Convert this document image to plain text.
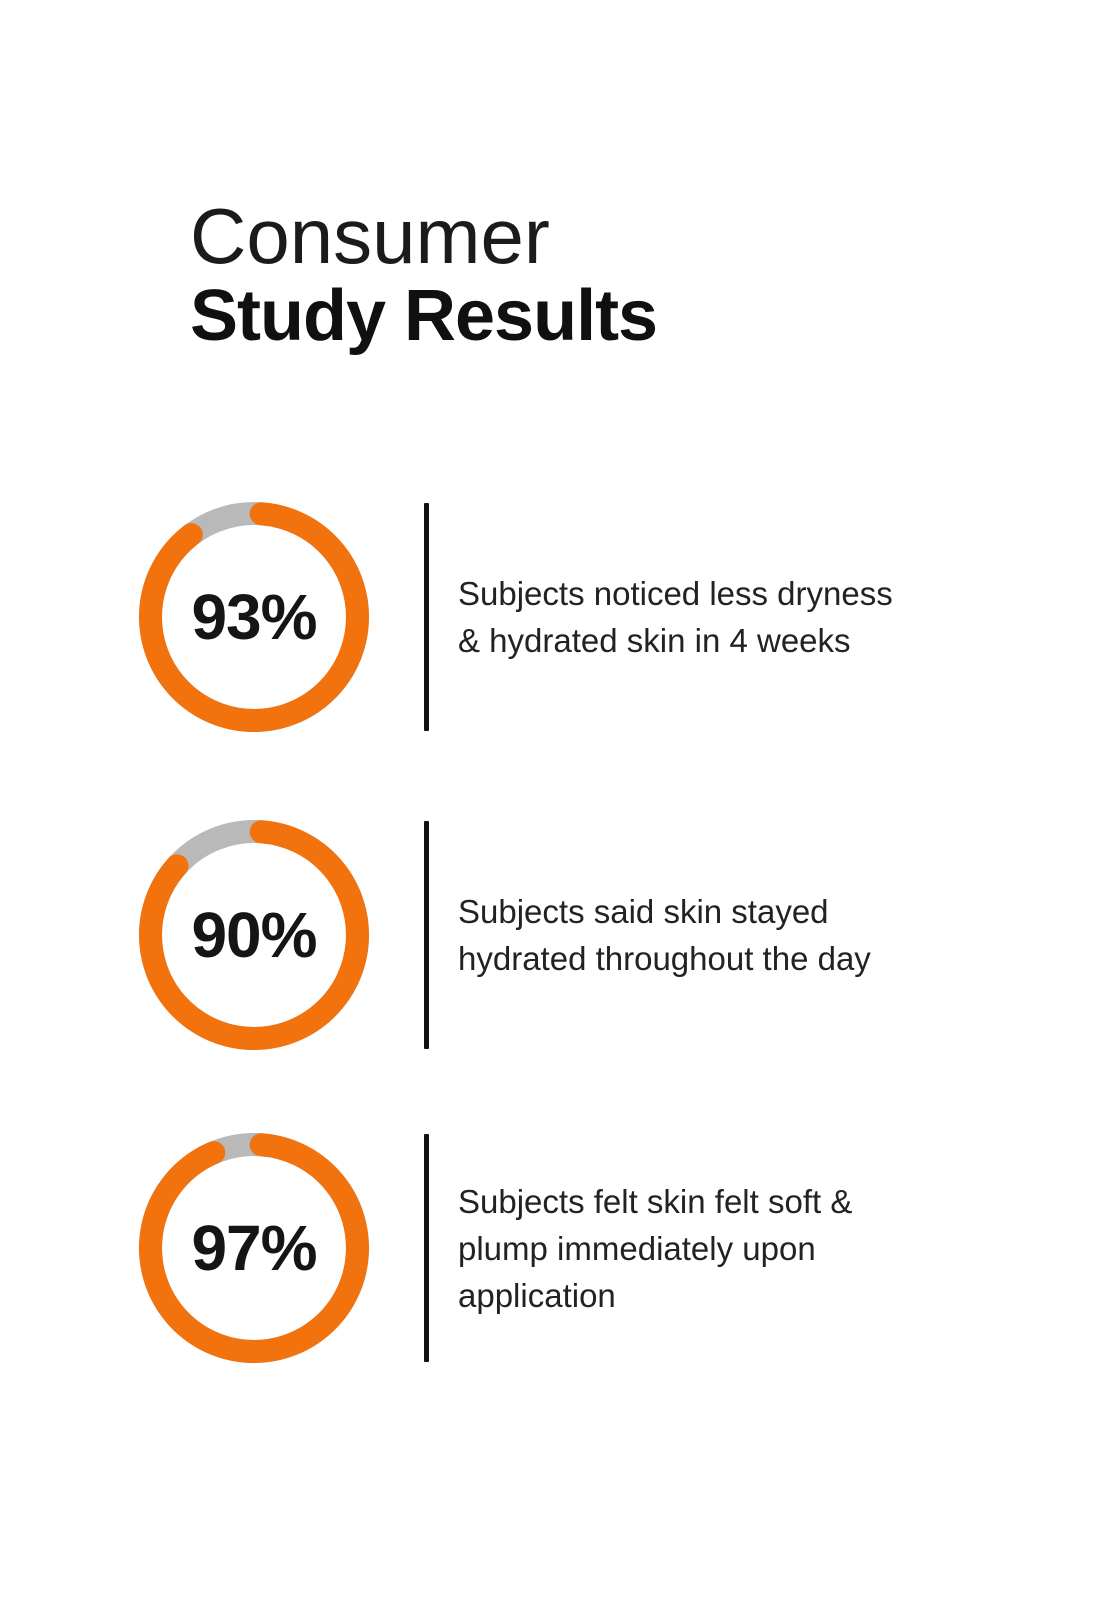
Consumer
Study Results
93%	Subjects noticed less dryness
& hydrated skin in 4 weeks
90%	Subjects said skin stayed
hydrated throughout the day
97%
Subjects felt skin felt soft &
plump immediately upon
application
